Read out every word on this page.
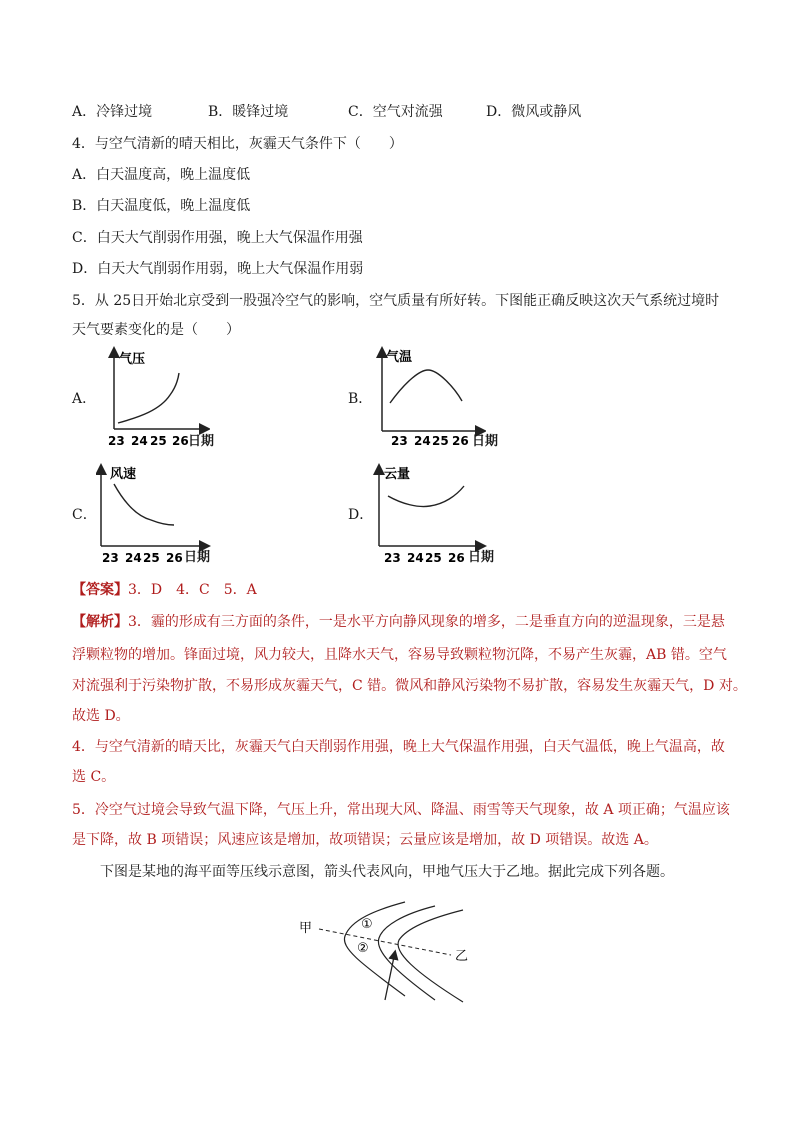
A．冷锋过境	B．暖锋过境	C．空气对流强	D．微风或静风
4．与空气清新的晴天相比，灰霾天气条件下（　　）
A．白天温度高，晚上温度低
B．白天温度低，晚上温度低
C．白天大气削弱作用强，晚上大气保温作用强
D．白天大气削弱作用弱，晚上大气保温作用弱
5．从 25日开始北京受到一股强冷空气的影响，空气质量有所好转。下图能正确反映这次天气系统过境时
天气要素变化的是（　　）
A．	B．
C．	D．
气压
23 24 25 26 日期
气温
23 24 25 26 日期
风速
23 24 25 26 日期
云量
23 24 25 26 日期
【答案】3．D　4．C　5．A
【解析】3．霾的形成有三方面的条件，一是水平方向静风现象的增多，二是垂直方向的逆温现象，三是悬
浮颗粒物的增加。锋面过境，风力较大，且降水天气，容易导致颗粒物沉降，不易产生灰霾，AB 错。空气
对流强利于污染物扩散，不易形成灰霾天气，C 错。微风和静风污染物不易扩散，容易发生灰霾天气，D 对。
故选 D。
4．与空气清新的晴天比，灰霾天气白天削弱作用强，晚上大气保温作用强，白天气温低，晚上气温高，故
选 C。
5．冷空气过境会导致气温下降，气压上升，常出现大风、降温、雨雪等天气现象，故 A 项正确；气温应该
是下降，故 B 项错误；风速应该是增加，故项错误；云量应该是增加，故 D 项错误。故选 A。
下图是某地的海平面等压线示意图，箭头代表风向，甲地气压大于乙地。据此完成下列各题。
甲
乙
①
②
